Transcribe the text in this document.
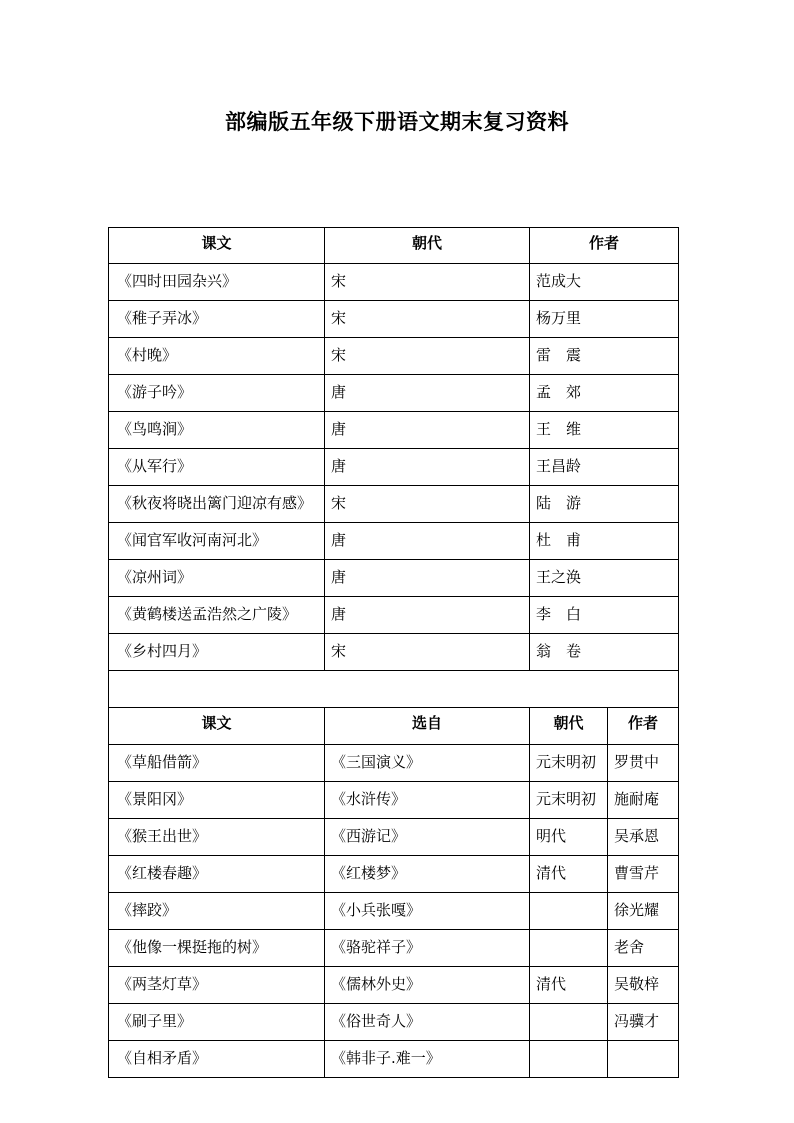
部编版五年级下册语文期末复习资料
课文	朝代	作者	
《四时田园杂兴》	宋	范成大	
《稚子弄冰》	宋	杨万里	
《村晚》	宋	雷　震	
《游子吟》	唐	孟　郊	
《鸟鸣涧》	唐	王　维	
《从军行》	唐	王昌龄	
《秋夜将晓出篱门迎凉有感》	宋	陆　游	
《闻官军收河南河北》	唐	杜　甫	
《凉州词》	唐	王之涣	
《黄鹤楼送孟浩然之广陵》	唐	李　白	
《乡村四月》	宋	翁　卷	

课文	选自	朝代	作者
《草船借箭》	《三国演义》	元末明初	罗贯中
《景阳冈》	《水浒传》	元末明初	施耐庵
《猴王出世》	《西游记》	明代	吴承恩
《红楼春趣》	《红楼梦》	清代	曹雪芹
《摔跤》	《小兵张嘎》		徐光耀
《他像一棵挺拖的树》	《骆驼祥子》		老舍
《两茎灯草》	《儒林外史》	清代	吴敬梓
《刷子里》	《俗世奇人》		冯骥才
《自相矛盾》	《韩非子.难一》		
